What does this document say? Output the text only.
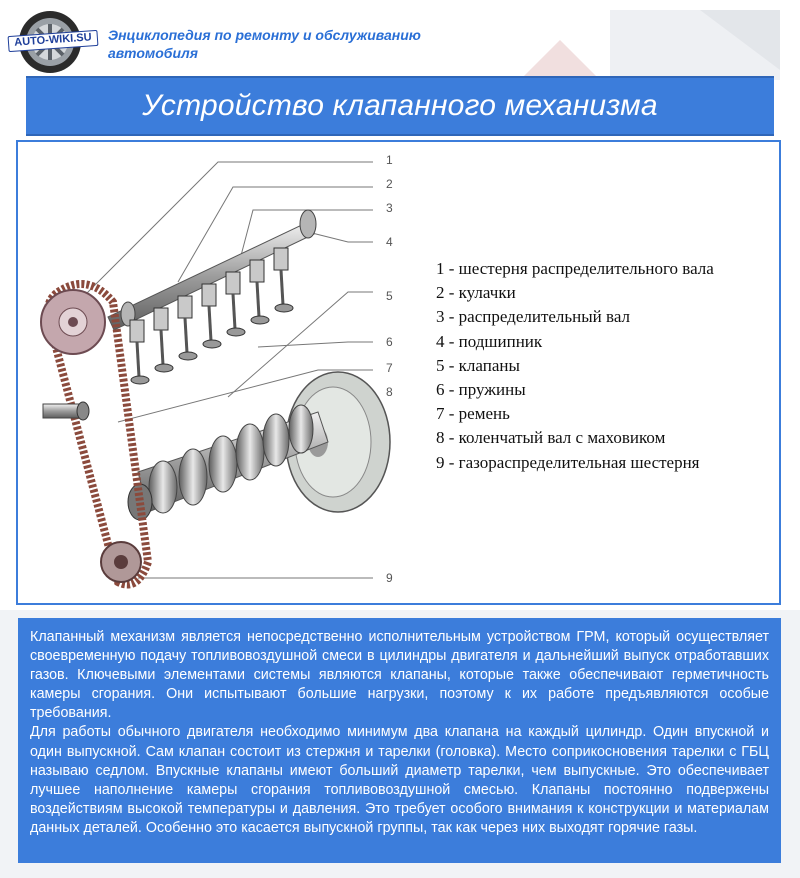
AUTO-WIKI.SU	Энциклопедия по ремонту и обслуживанию автомобиля
Устройство клапанного механизма
1
2
3
4
5
6
7
8
9
1 - шестерня распределительного вала
2 - кулачки
3 - распределительный вал
4 - подшипник
5 - клапаны
6 - пружины
7 - ремень
8 - коленчатый вал с маховиком
9 - газораспределительная шестерня

Клапанный механизм является непосредственно исполнительным устройством ГРМ, который осуществляет своевременную подачу топливовоздушной смеси в цилиндры двигателя и дальнейший выпуск отработавших газов. Ключевыми элементами системы являются клапаны, которые также обеспечивают герметичность камеры сгорания. Они испытывают большие нагрузки, поэтому к их работе предъявляются особые требования.

Для работы обычного двигателя необходимо минимум два клапана на каждый цилиндр. Один впускной и один выпускной. Сам клапан состоит из стержня и тарелки (головка). Место соприкосновения тарелки с ГБЦ называю седлом. Впускные клапаны имеют больший диаметр тарелки, чем выпускные. Это обеспечивает лучшее наполнение камеры сгорания топливовоздушной смесью. Клапаны постоянно подвержены воздействиям высокой температуры и давления. Это требует особого внимания к конструкции и материалам данных деталей. Особенно это касается выпускной группы, так как через них выходят горячие газы.
